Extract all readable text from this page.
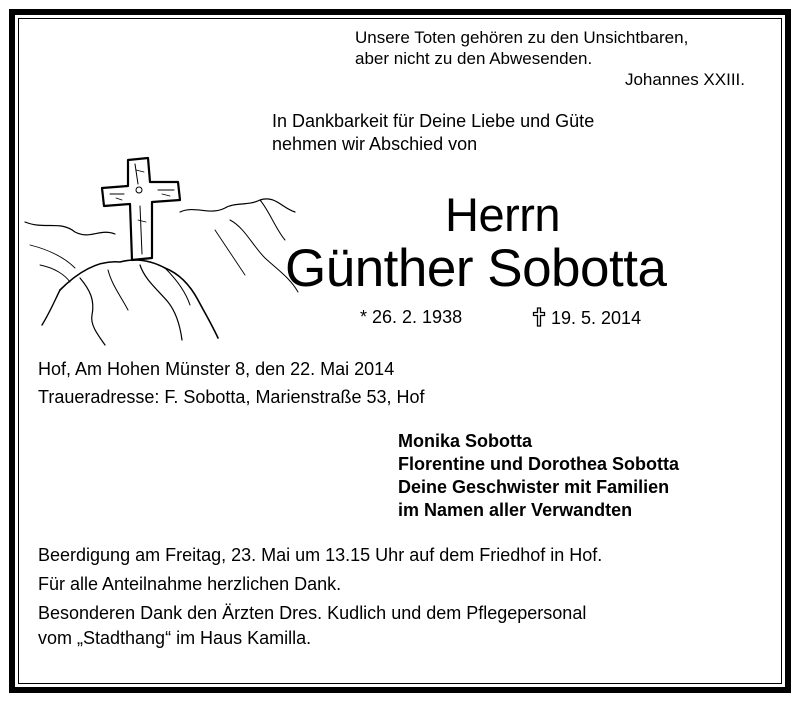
Unsere Toten gehören zu den Unsichtbaren,
aber nicht zu den Abwesenden.
Johannes XXIII.
In Dankbarkeit für Deine Liebe und Güte
nehmen wir Abschied von
Herrn
Günther Sobotta
* 26. 2. 1938	19. 5. 2014
Hof, Am Hohen Münster 8, den 22. Mai 2014
Traueradresse: F. Sobotta, Marienstraße 53, Hof
Monika Sobotta
Florentine und Dorothea Sobotta
Deine Geschwister mit Familien
im Namen aller Verwandten
Beerdigung am Freitag, 23. Mai um 13.15 Uhr auf dem Friedhof in Hof.
Für alle Anteilnahme herzlichen Dank.
Besonderen Dank den Ärzten Dres. Kudlich und dem Pflegepersonal
vom „Stadthang“ im Haus Kamilla.
